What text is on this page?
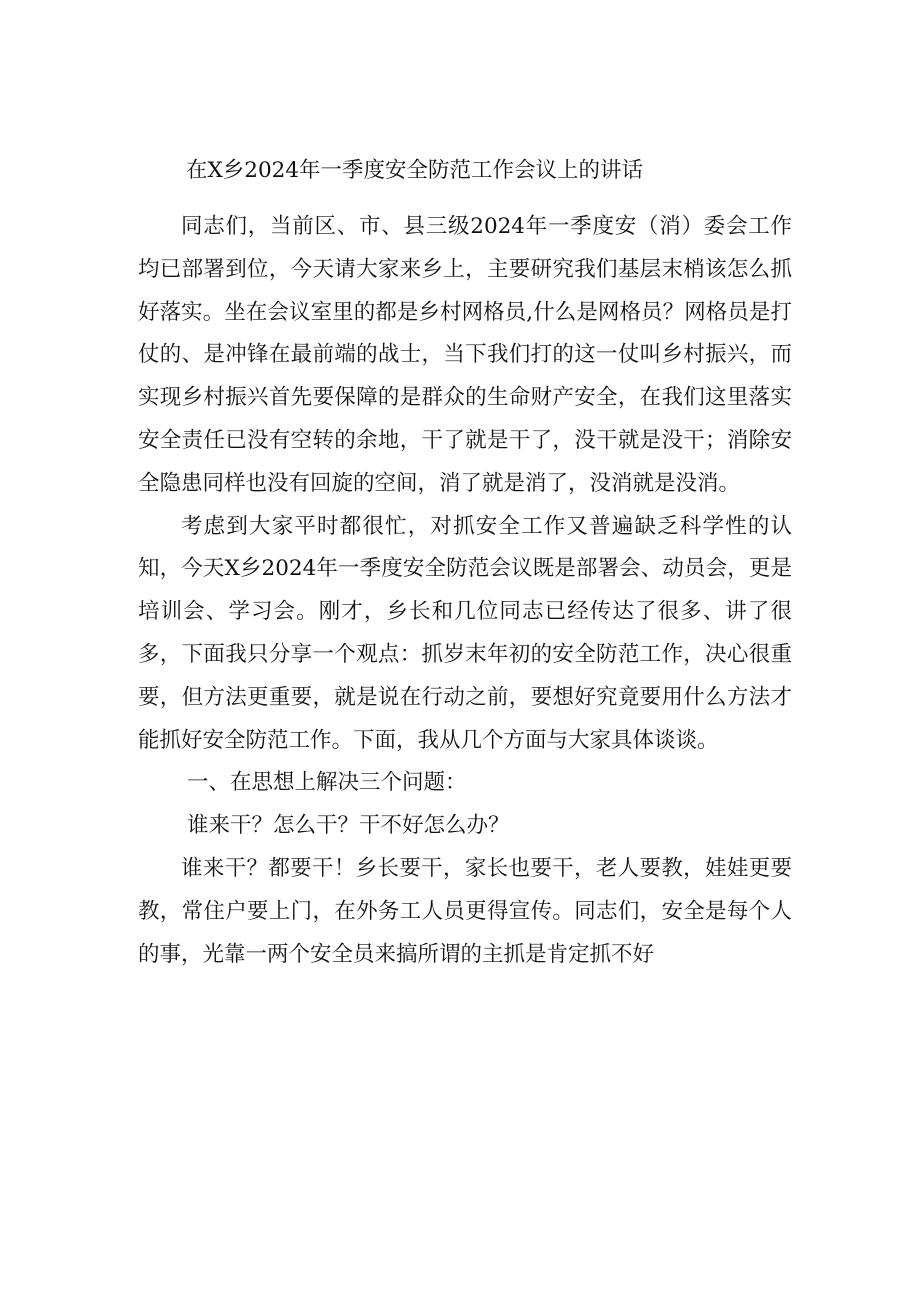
在X乡2024年一季度安全防范工作会议上的讲话

同志们，当前区、市、县三级2024年一季度安（消）委会工作均已部署到位，今天请大家来乡上，主要研究我们基层末梢该怎么抓好落实。坐在会议室里的都是乡村网格员,什么是网格员？网格员是打仗的、是冲锋在最前端的战士，当下我们打的这一仗叫乡村振兴，而实现乡村振兴首先要保障的是群众的生命财产安全，在我们这里落实安全责任已没有空转的余地，干了就是干了，没干就是没干；消除安全隐患同样也没有回旋的空间，消了就是消了，没消就是没消。

考虑到大家平时都很忙，对抓安全工作又普遍缺乏科学性的认知，今天X乡2024年一季度安全防范会议既是部署会、动员会，更是培训会、学习会。刚才，乡长和几位同志已经传达了很多、讲了很多，下面我只分享一个观点：抓岁末年初的安全防范工作，决心很重要，但方法更重要，就是说在行动之前，要想好究竟要用什么方法才能抓好安全防范工作。下面，我从几个方面与大家具体谈谈。

一、在思想上解决三个问题：

谁来干？怎么干？干不好怎么办？

谁来干？都要干！乡长要干，家长也要干，老人要教，娃娃更要教，常住户要上门，在外务工人员更得宣传。同志们，安全是每个人的事，光靠一两个安全员来搞所谓的主抓是肯定抓不好
